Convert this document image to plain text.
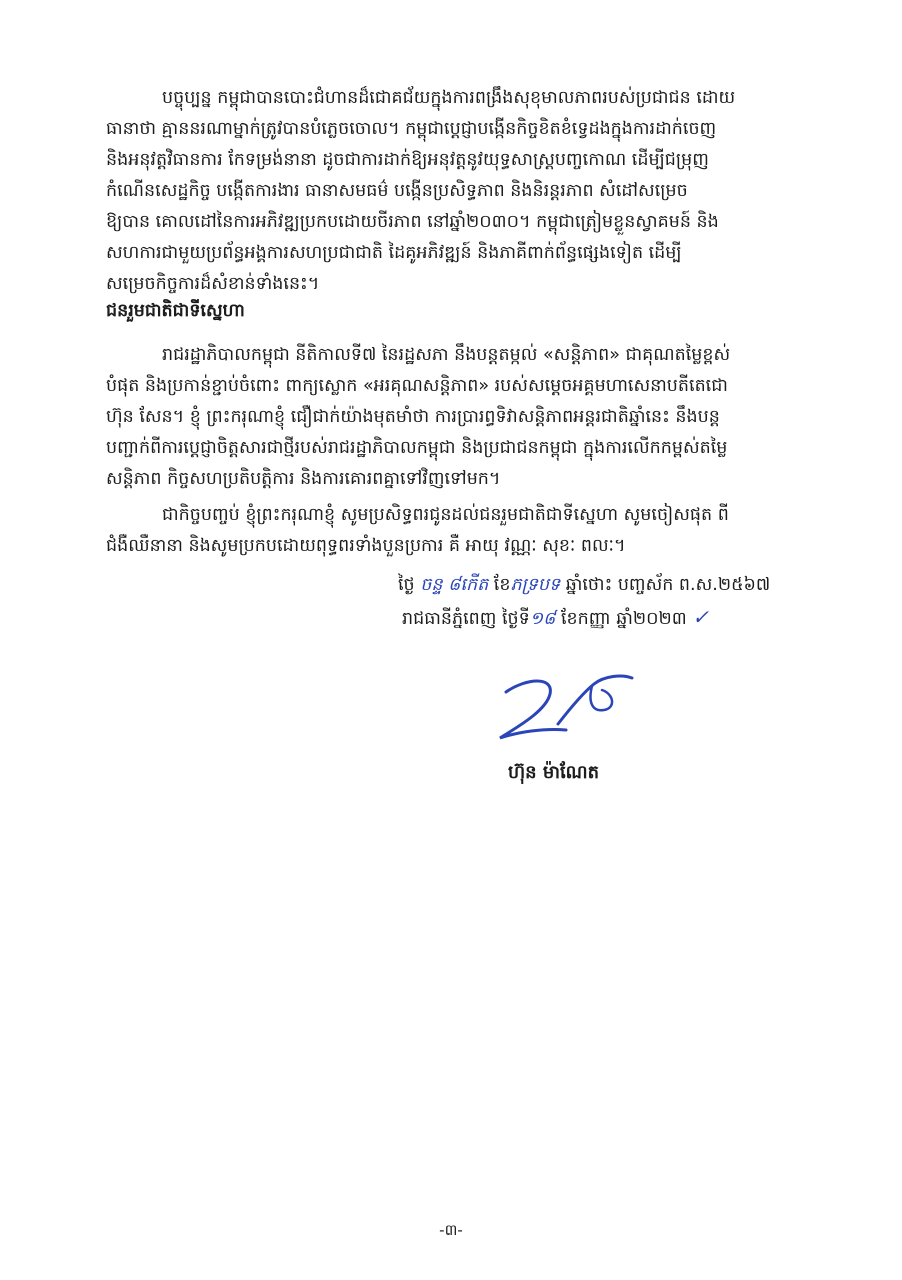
បច្ចុប្បន្ន កម្ពុជាបានបោះជំហានដ៏ជោគជ័យក្នុងការពង្រឹងសុខុមាលភាពរបស់ប្រជាជន ដោយ
ធានាថា គ្មាននរណាម្នាក់ត្រូវបានបំភ្លេចចោល។ កម្ពុជាប្តេជ្ញាបង្កើនកិច្ចខិតខំទ្វេដងក្នុងការដាក់ចេញ
និងអនុវត្តវិធានការ កែទម្រង់នានា ដូចជាការដាក់ឱ្យអនុវត្តនូវយុទ្ធសាស្ត្របញ្ចកោណ ដើម្បីជម្រុញ
កំណើនសេដ្ឋកិច្ច បង្កើតការងារ ធានាសមធម៌ បង្កើនប្រសិទ្ធភាព និងនិរន្តរភាព សំដៅសម្រេច
ឱ្យបាន គោលដៅនៃការអភិវឌ្ឍប្រកបដោយចីរភាព នៅឆ្នាំ២០៣០។ កម្ពុជាត្រៀមខ្លួនស្វាគមន៍ និង
សហការជាមួយប្រព័ន្ធអង្គការសហប្រជាជាតិ ដៃគូអភិវឌ្ឍន៍ និងភាគីពាក់ព័ន្ធផ្សេងទៀត ដើម្បី
សម្រេចកិច្ចការដ៏សំខាន់ទាំងនេះ។
ជនរួមជាតិជាទីស្នេហា
រាជរដ្ឋាភិបាលកម្ពុជា នីតិកាលទី៧ នៃរដ្ឋសភា នឹងបន្តតម្កល់ «សន្តិភាព» ជាគុណតម្លៃខ្ពស់
បំផុត និងប្រកាន់ខ្ជាប់ចំពោះ ពាក្យស្លោក «អរគុណសន្តិភាព» របស់សម្តេចអគ្គមហាសេនាបតីតេជោ
ហ៊ុន សែន។ ខ្ញុំ ព្រះករុណាខ្ញុំ ជឿជាក់យ៉ាងមុតមាំថា ការប្រារព្ធទិវាសន្តិភាពអន្តរជាតិឆ្នាំនេះ នឹងបន្ត
បញ្ជាក់ពីការប្តេជ្ញាចិត្តសារជាថ្មីរបស់រាជរដ្ឋាភិបាលកម្ពុជា និងប្រជាជនកម្ពុជា ក្នុងការលើកកម្ពស់តម្លៃ
សន្តិភាព កិច្ចសហប្រតិបត្តិការ និងការគោរពគ្នាទៅវិញទៅមក។
ជាកិច្ចបញ្ចប់ ខ្ញុំព្រះករុណាខ្ញុំ សូមប្រសិទ្ធពរជូនដល់ជនរួមជាតិជាទីស្នេហា សូមចៀសផុត ពី
ជំងឺឈឺនានា និងសូមប្រកបដោយពុទ្ធពរទាំងបួនប្រការ គឺ អាយុ វណ្ណៈ សុខៈ ពលៈ។
ថ្ងៃ ចន្ទ ៨កើត ខែភទ្របទ ឆ្នាំថោះ បញ្ចស័ក ព.ស.២៥៦៧
រាជធានីភ្នំពេញ ថ្ងៃទី១៨ ខែកញ្ញា ឆ្នាំ២០២៣ ✓
ហ៊ុន ម៉ាណែត
-៣-
